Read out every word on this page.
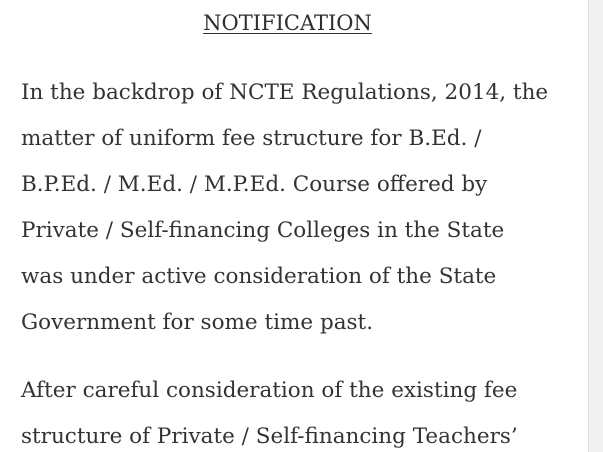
NOTIFICATION

In the backdrop of NCTE Regulations, 2014, the
matter of uniform fee structure for B.Ed. /
B.P.Ed. / M.Ed. / M.P.Ed. Course offered by
Private / Self-financing Colleges in the State
was under active consideration of the State
Government for some time past.

After careful consideration of the existing fee
structure of Private / Self-financing Teachers’
